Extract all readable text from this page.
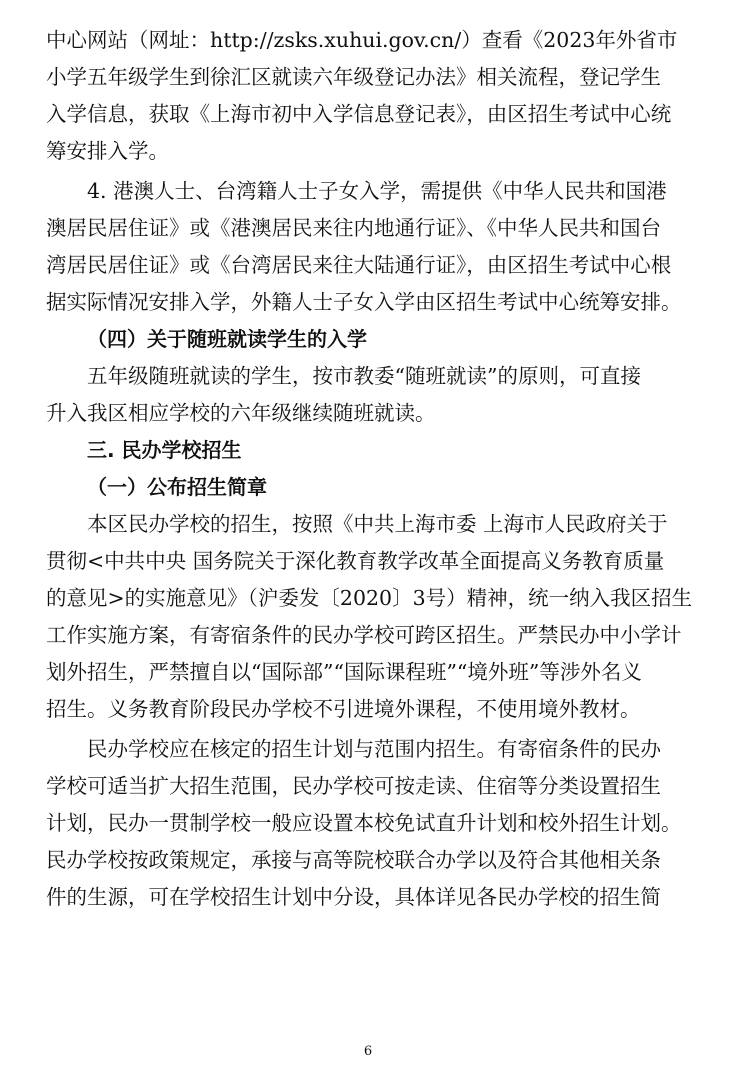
中心网站（网址：http://zsks.xuhui.gov.cn/）查看《2023年外省市
小学五年级学生到徐汇区就读六年级登记办法》相关流程，登记学生
入学信息，获取《上海市初中入学信息登记表》，由区招生考试中心统
筹安排入学。
4. 港澳人士、台湾籍人士子女入学，需提供《中华人民共和国港
澳居民居住证》或《港澳居民来往内地通行证》、《中华人民共和国台
湾居民居住证》或《台湾居民来往大陆通行证》，由区招生考试中心根
据实际情况安排入学，外籍人士子女入学由区招生考试中心统筹安排。
（四）关于随班就读学生的入学
五年级随班就读的学生，按市教委“随班就读”的原则，可直接
升入我区相应学校的六年级继续随班就读。
三. 民办学校招生
（一）公布招生简章
本区民办学校的招生，按照《中共上海市委 上海市人民政府关于
贯彻<中共中央 国务院关于深化教育教学改革全面提高义务教育质量
的意见>的实施意见》（沪委发〔2020〕3号）精神，统一纳入我区招生
工作实施方案，有寄宿条件的民办学校可跨区招生。严禁民办中小学计
划外招生，严禁擅自以“国际部”“国际课程班”“境外班”等涉外名义
招生。义务教育阶段民办学校不引进境外课程，不使用境外教材。
民办学校应在核定的招生计划与范围内招生。有寄宿条件的民办
学校可适当扩大招生范围，民办学校可按走读、住宿等分类设置招生
计划，民办一贯制学校一般应设置本校免试直升计划和校外招生计划。
民办学校按政策规定，承接与高等院校联合办学以及符合其他相关条
件的生源，可在学校招生计划中分设，具体详见各民办学校的招生简
6
